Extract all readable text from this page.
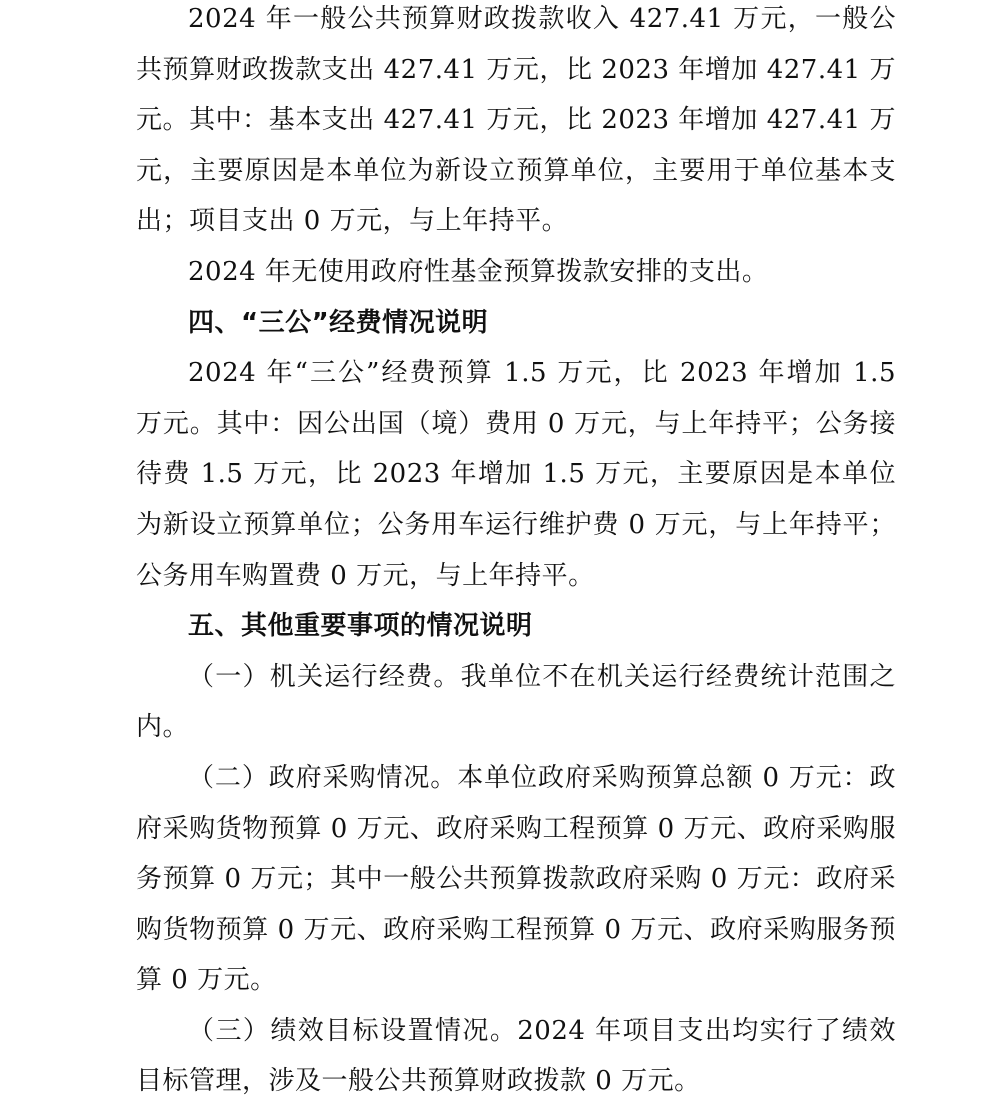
2024 年一般公共预算财政拨款收入 427.41 万元，一般公共预算财政拨款支出 427.41 万元，比 2023 年增加 427.41 万元。其中：基本支出 427.41 万元，比 2023 年增加 427.41 万元，主要原因是本单位为新设立预算单位，主要用于单位基本支出；项目支出 0 万元，与上年持平。

2024 年无使用政府性基金预算拨款安排的支出。

四、“三公”经费情况说明

2024 年“三公”经费预算 1.5 万元，比 2023 年增加 1.5 万元。其中：因公出国（境）费用 0 万元，与上年持平；公务接待费 1.5 万元，比 2023 年增加 1.5 万元，主要原因是本单位为新设立预算单位；公务用车运行维护费 0 万元，与上年持平；公务用车购置费 0 万元，与上年持平。

五、其他重要事项的情况说明

（一）机关运行经费。我单位不在机关运行经费统计范围之内。

（二）政府采购情况。本单位政府采购预算总额 0 万元：政府采购货物预算 0 万元、政府采购工程预算 0 万元、政府采购服务预算 0 万元；其中一般公共预算拨款政府采购 0 万元：政府采购货物预算 0 万元、政府采购工程预算 0 万元、政府采购服务预算 0 万元。

（三）绩效目标设置情况。2024 年项目支出均实行了绩效目标管理，涉及一般公共预算财政拨款 0 万元。
